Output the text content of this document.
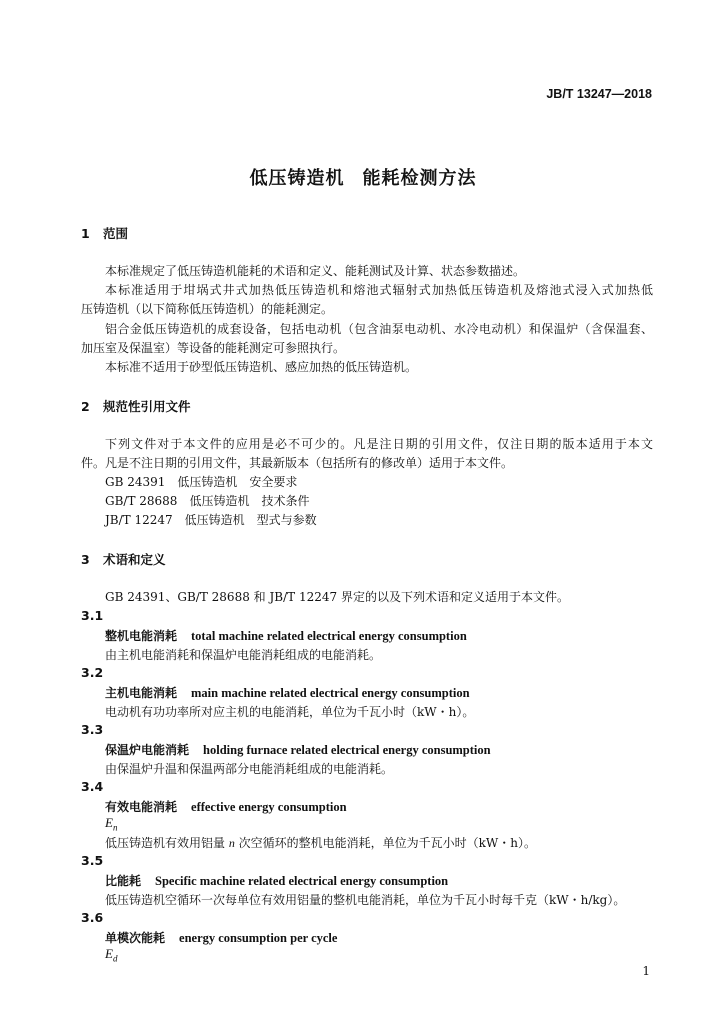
JB/T 13247—2018
低压铸造机 能耗检测方法
1 范围
本标准规定了低压铸造机能耗的术语和定义、能耗测试及计算、状态参数描述。
本标准适用于坩埚式井式加热低压铸造机和熔池式辐射式加热低压铸造机及熔池式浸入式加热低
压铸造机（以下简称低压铸造机）的能耗测定。
铝合金低压铸造机的成套设备，包括电动机（包含油泵电动机、水冷电动机）和保温炉（含保温套、
加压室及保温室）等设备的能耗测定可参照执行。
本标准不适用于砂型低压铸造机、感应加热的低压铸造机。
2 规范性引用文件
下列文件对于本文件的应用是必不可少的。凡是注日期的引用文件，仅注日期的版本适用于本文
件。凡是不注日期的引用文件，其最新版本（包括所有的修改单）适用于本文件。
GB 24391　低压铸造机　安全要求
GB/T 28688　低压铸造机　技术条件
JB/T 12247　低压铸造机　型式与参数
3 术语和定义
GB 24391、GB/T 28688 和 JB/T 12247 界定的以及下列术语和定义适用于本文件。
3.1
整机电能消耗 total machine related electrical energy consumption
由主机电能消耗和保温炉电能消耗组成的电能消耗。
3.2
主机电能消耗 main machine related electrical energy consumption
电动机有功功率所对应主机的电能消耗，单位为千瓦小时（kW・h）。
3.3
保温炉电能消耗 holding furnace related electrical energy consumption
由保温炉升温和保温两部分电能消耗组成的电能消耗。
3.4
有效电能消耗 effective energy consumption
$E_n$
低压铸造机有效用铝量 n 次空循环的整机电能消耗，单位为千瓦小时（kW・h）。
3.5
比能耗 Specific machine related electrical energy consumption
低压铸造机空循环一次每单位有效用铝量的整机电能消耗，单位为千瓦小时每千克（kW・h/kg）。
3.6
单模次能耗 energy consumption per cycle
$E_d$
1
